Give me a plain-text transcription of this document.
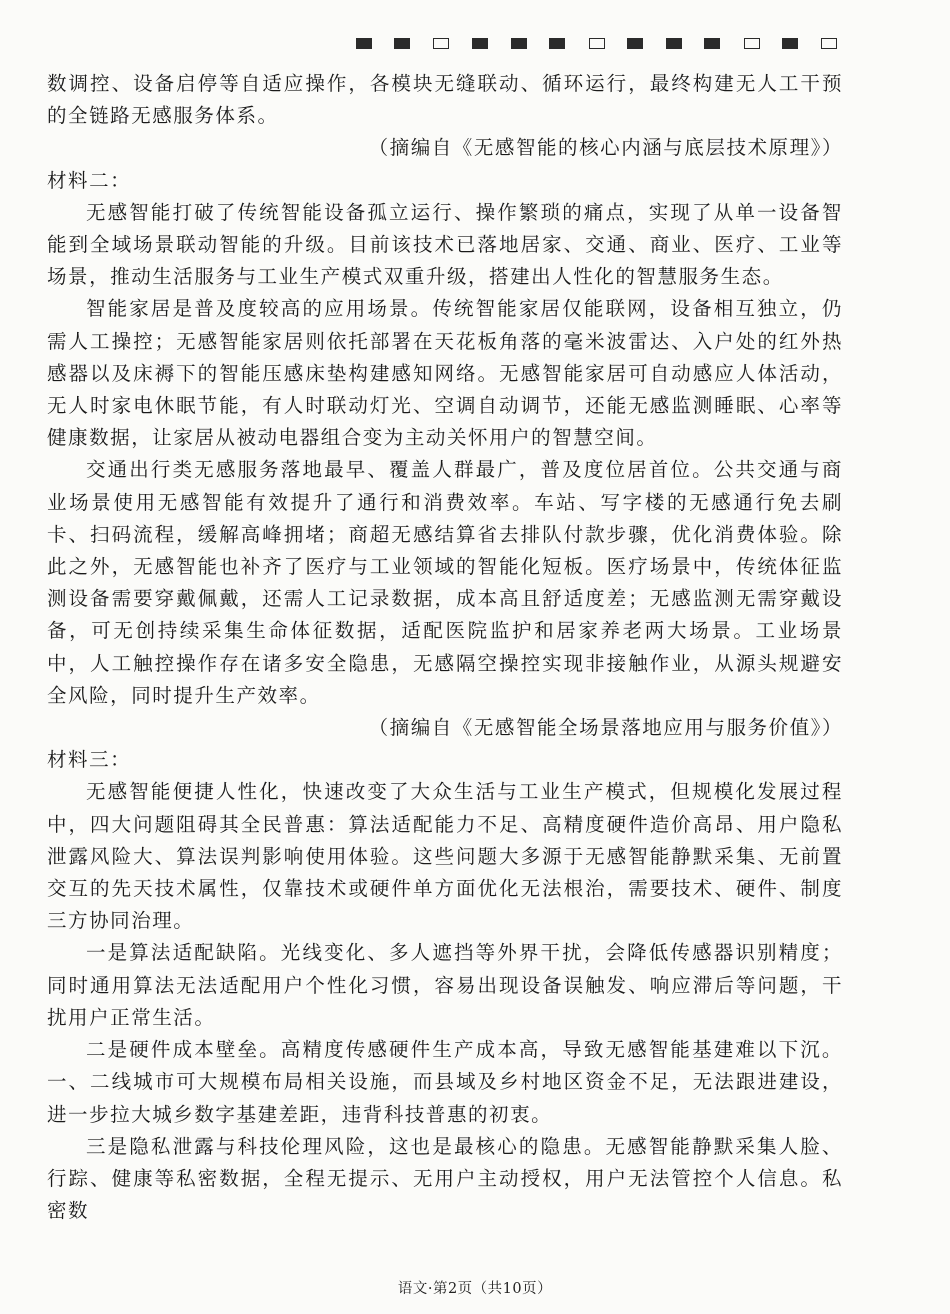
数调控、设备启停等自适应操作，各模块无缝联动、循环运行，最终构建无人工干预的全链路无感服务体系。

（摘编自《无感智能的核心内涵与底层技术原理》）

材料二：

无感智能打破了传统智能设备孤立运行、操作繁琐的痛点，实现了从单一设备智能到全域场景联动智能的升级。目前该技术已落地居家、交通、商业、医疗、工业等场景，推动生活服务与工业生产模式双重升级，搭建出人性化的智慧服务生态。

智能家居是普及度较高的应用场景。传统智能家居仅能联网，设备相互独立，仍需人工操控；无感智能家居则依托部署在天花板角落的毫米波雷达、入户处的红外热感器以及床褥下的智能压感床垫构建感知网络。无感智能家居可自动感应人体活动，无人时家电休眠节能，有人时联动灯光、空调自动调节，还能无感监测睡眠、心率等健康数据，让家居从被动电器组合变为主动关怀用户的智慧空间。

交通出行类无感服务落地最早、覆盖人群最广，普及度位居首位。公共交通与商业场景使用无感智能有效提升了通行和消费效率。车站、写字楼的无感通行免去刷卡、扫码流程，缓解高峰拥堵；商超无感结算省去排队付款步骤，优化消费体验。除此之外，无感智能也补齐了医疗与工业领域的智能化短板。医疗场景中，传统体征监测设备需要穿戴佩戴，还需人工记录数据，成本高且舒适度差；无感监测无需穿戴设备，可无创持续采集生命体征数据，适配医院监护和居家养老两大场景。工业场景中，人工触控操作存在诸多安全隐患，无感隔空操控实现非接触作业，从源头规避安全风险，同时提升生产效率。

（摘编自《无感智能全场景落地应用与服务价值》）

材料三：

无感智能便捷人性化，快速改变了大众生活与工业生产模式，但规模化发展过程中，四大问题阻碍其全民普惠：算法适配能力不足、高精度硬件造价高昂、用户隐私泄露风险大、算法误判影响使用体验。这些问题大多源于无感智能静默采集、无前置交互的先天技术属性，仅靠技术或硬件单方面优化无法根治，需要技术、硬件、制度三方协同治理。

一是算法适配缺陷。光线变化、多人遮挡等外界干扰，会降低传感器识别精度；同时通用算法无法适配用户个性化习惯，容易出现设备误触发、响应滞后等问题，干扰用户正常生活。

二是硬件成本壁垒。高精度传感硬件生产成本高，导致无感智能基建难以下沉。一、二线城市可大规模布局相关设施，而县域及乡村地区资金不足，无法跟进建设，进一步拉大城乡数字基建差距，违背科技普惠的初衷。

三是隐私泄露与科技伦理风险，这也是最核心的隐患。无感智能静默采集人脸、行踪、健康等私密数据，全程无提示、无用户主动授权，用户无法管控个人信息。私密数

语文·第2页（共10页）
